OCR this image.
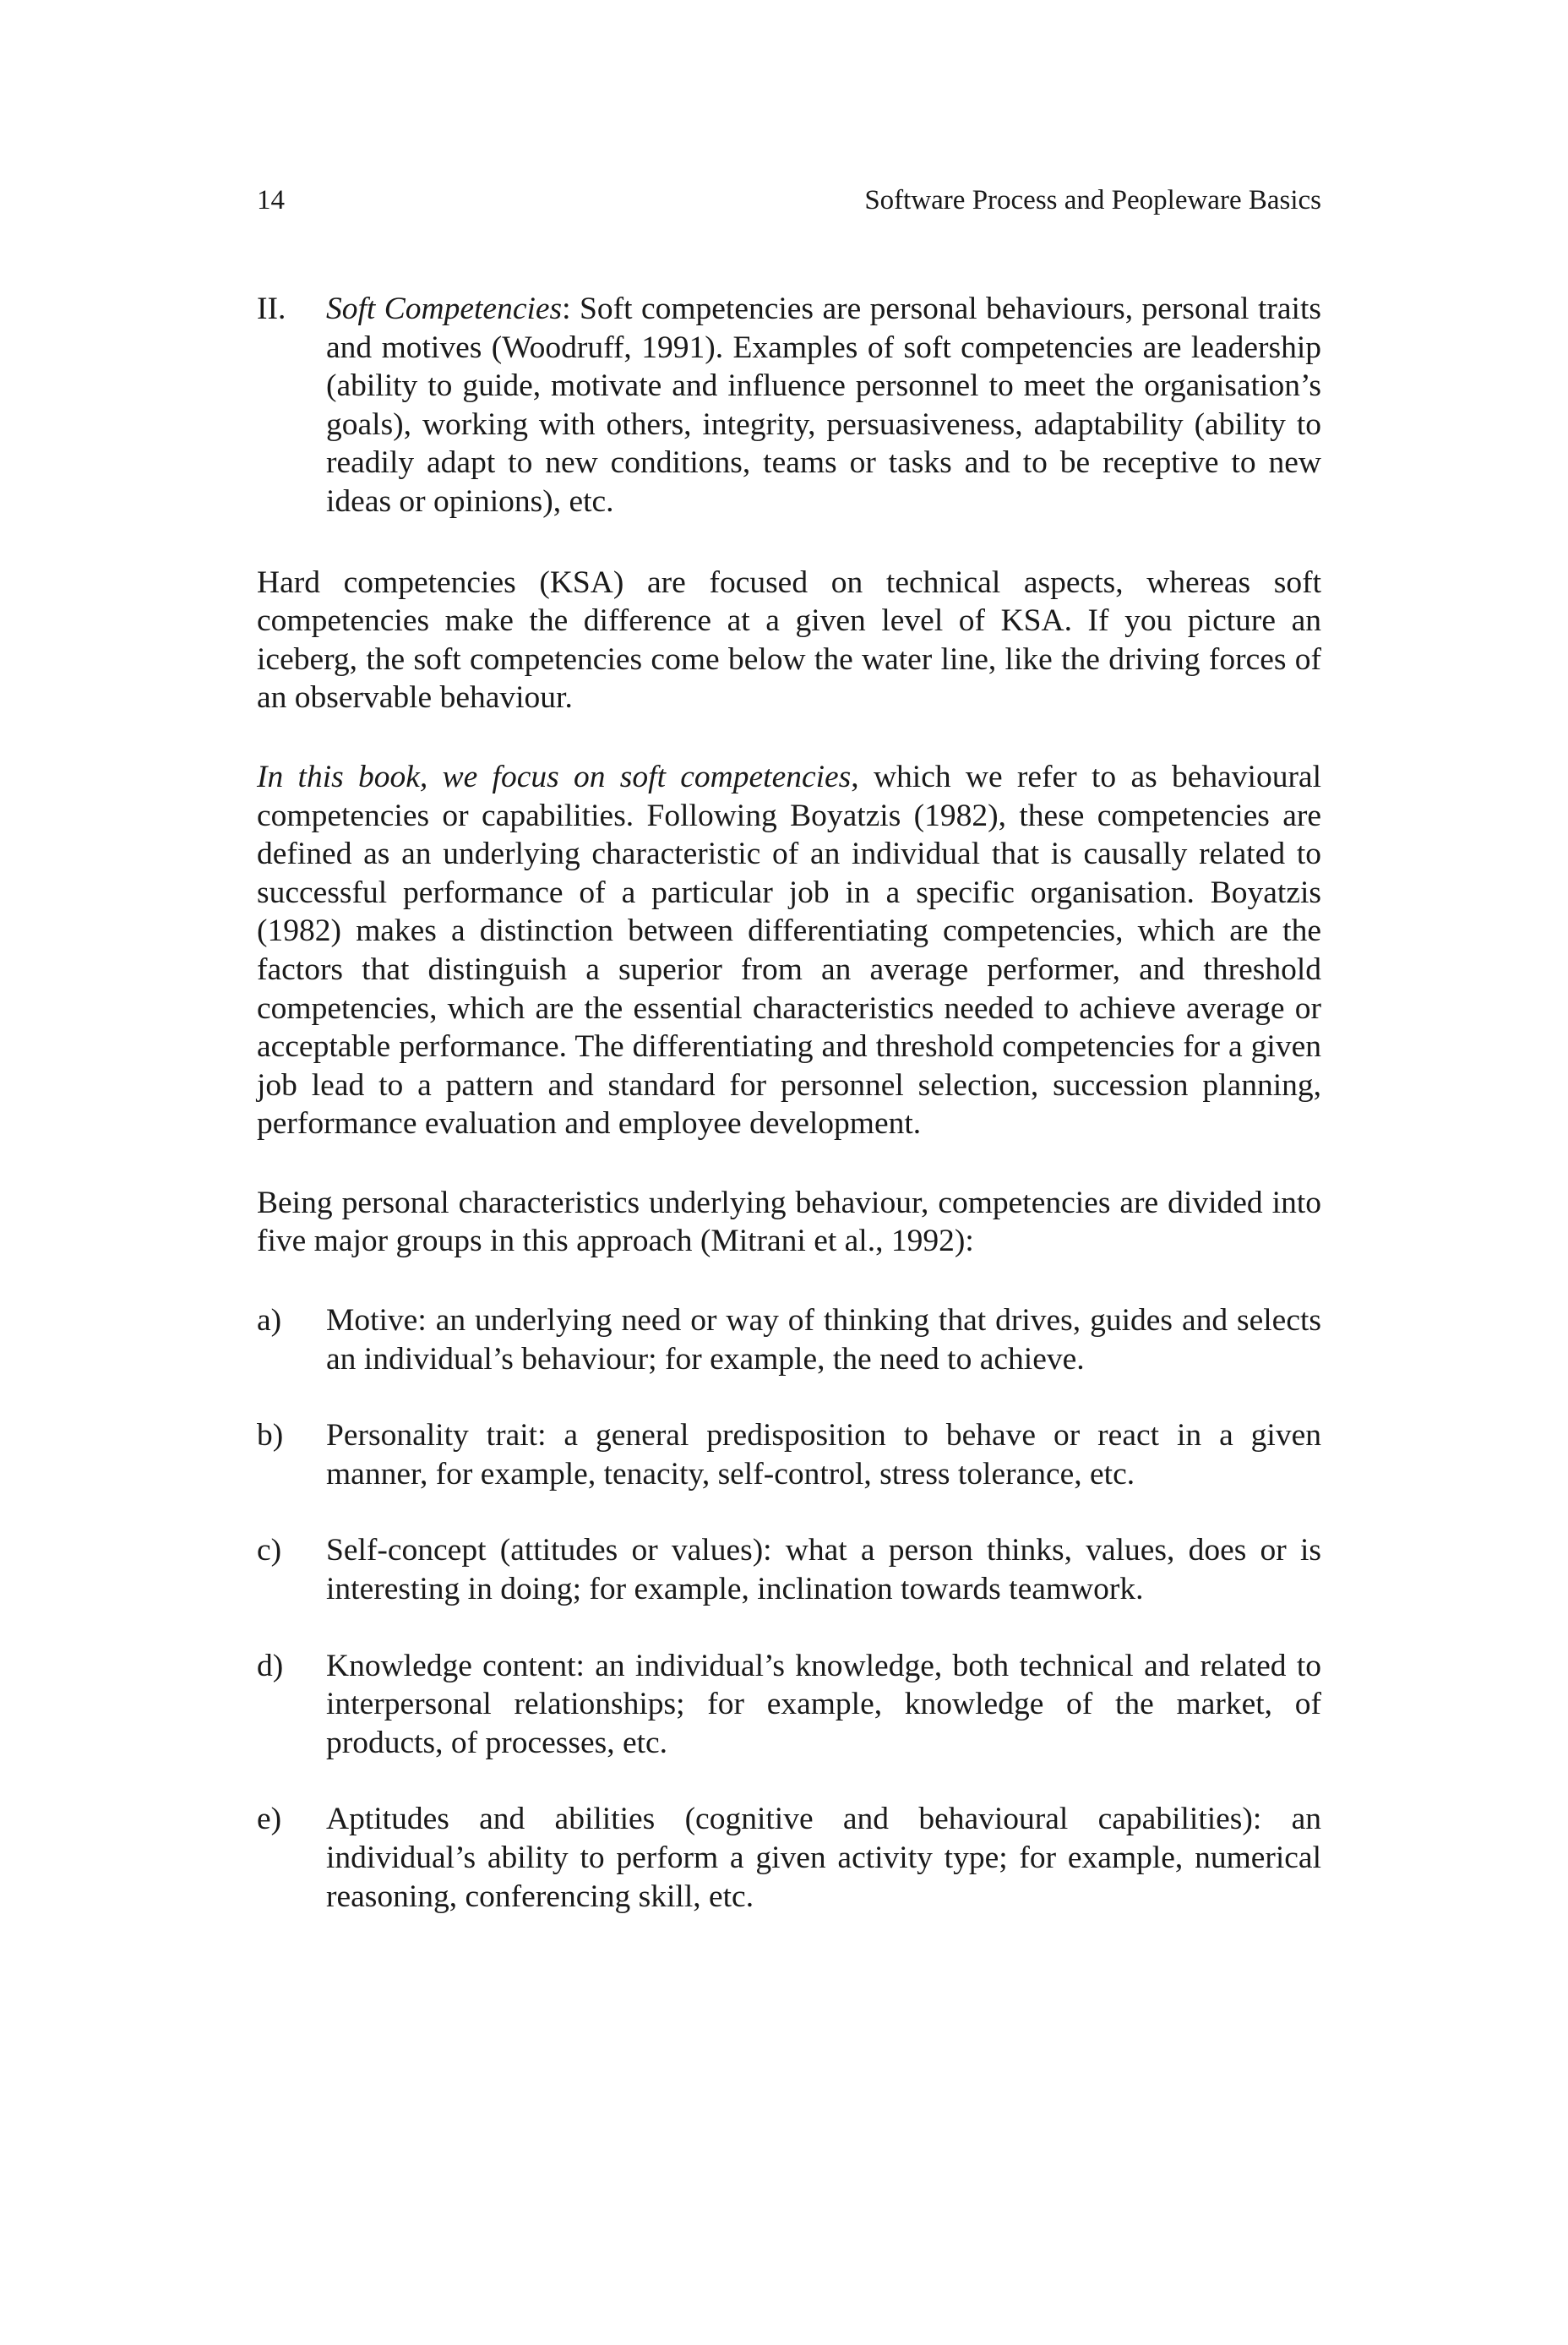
14	Software Process and Peopleware Basics
II. Soft Competencies: Soft competencies are personal behaviours, personal traits and motives (Woodruff, 1991). Examples of soft competencies are leadership (ability to guide, motivate and influence personnel to meet the organisation’s goals), working with others, integrity, persuasiveness, adaptability (ability to readily adapt to new conditions, teams or tasks and to be receptive to new ideas or opinions), etc.

Hard competencies (KSA) are focused on technical aspects, whereas soft competencies make the difference at a given level of KSA. If you picture an iceberg, the soft competencies come below the water line, like the driving forces of an observable behaviour.

In this book, we focus on soft competencies, which we refer to as behavioural competencies or capabilities. Following Boyatzis (1982), these competencies are defined as an underlying characteristic of an individual that is causally related to successful performance of a particular job in a specific organisation. Boyatzis (1982) makes a distinction between differentiating competencies, which are the factors that distinguish a superior from an average performer, and threshold competencies, which are the essential characteristics needed to achieve average or acceptable performance. The differentiating and threshold competencies for a given job lead to a pattern and standard for personnel selection, succession planning, performance evaluation and employee development.

Being personal characteristics underlying behaviour, competencies are divided into five major groups in this approach (Mitrani et al., 1992):

a) Motive: an underlying need or way of thinking that drives, guides and selects an individual’s behaviour; for example, the need to achieve.
b) Personality trait: a general predisposition to behave or react in a given manner, for example, tenacity, self-control, stress tolerance, etc.
c) Self-concept (attitudes or values): what a person thinks, values, does or is interesting in doing; for example, inclination towards teamwork.
d) Knowledge content: an individual’s knowledge, both technical and related to interpersonal relationships; for example, knowledge of the market, of products, of processes, etc.
e) Aptitudes and abilities (cognitive and behavioural capabilities): an individual’s ability to perform a given activity type; for example, numerical reasoning, conferencing skill, etc.
